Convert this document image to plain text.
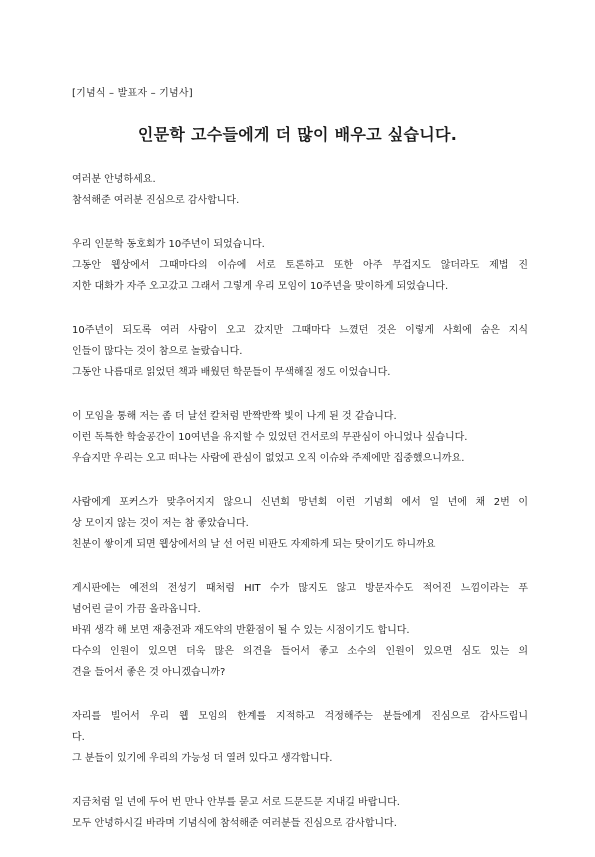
[기념식 – 발표자 – 기념사]
인문학 고수들에게 더 많이 배우고 싶습니다.
여러분 안녕하세요.
참석해준 여러분 진심으로 감사합니다.
우리 인문학 동호회가 10주년이 되었습니다.
그동안 웹상에서 그때마다의 이슈에 서로 토론하고 또한 아주 무겁지도 않더라도 제법 진
지한 대화가 자주 오고갔고 그래서 그렇게 우리 모임이 10주년을 맞이하게 되었습니다.
10주년이 되도록 여러 사람이 오고 갔지만 그때마다 느꼈던 것은 이렇게 사회에 숨은 지식
인들이 많다는 것이 참으로 놀랐습니다.
그동안 나름대로 읽었던 책과 배웠던 학문들이 무색해질 정도 이었습니다.
이 모임을 통해 저는 좀 더 날선 칼처럼 반짝반짝 빛이 나게 된 것 같습니다.
이런 독특한 학술공간이 10여년을 유지할 수 있었던 건서로의 무관심이 아니었나 싶습니다.
우습지만 우리는 오고 떠나는 사람에 관심이 없었고 오직 이슈와 주제에만 집중했으니까요.
사람에게 포커스가 맞추어지지 않으니 신년회 망년회 이런 기념회 에서 일 년에 채 2번 이
상 모이지 않는 것이 저는 참 좋았습니다.
친분이 쌓이게 되면 웹상에서의 날 선 어린 비판도 자제하게 되는 탓이기도 하니까요
게시판에는 예전의 전성기 때처럼 HIT 수가 많지도 않고 방문자수도 적어진 느낌이라는 푸
념어린 글이 가끔 올라옵니다.
바꿔 생각 해 보면 재충전과 재도약의 반환점이 될 수 있는 시점이기도 합니다.
다수의 인원이 있으면 더욱 많은 의견을 들어서 좋고 소수의 인원이 있으면 심도 있는 의
견을 들어서 좋은 것 아니겠습니까?
자리를 빌어서 우리 웹 모임의 한계를 지적하고 걱정해주는 분들에게 진심으로 감사드립니
다.
그 분들이 있기에 우리의 가능성 더 열려 있다고 생각합니다.
지금처럼 일 년에 두어 번 만나 안부를 묻고 서로 드문드문 지내길 바랍니다.
모두 안녕하시길 바라며 기념식에 참석해준 여러분들 진심으로 감사합니다.
